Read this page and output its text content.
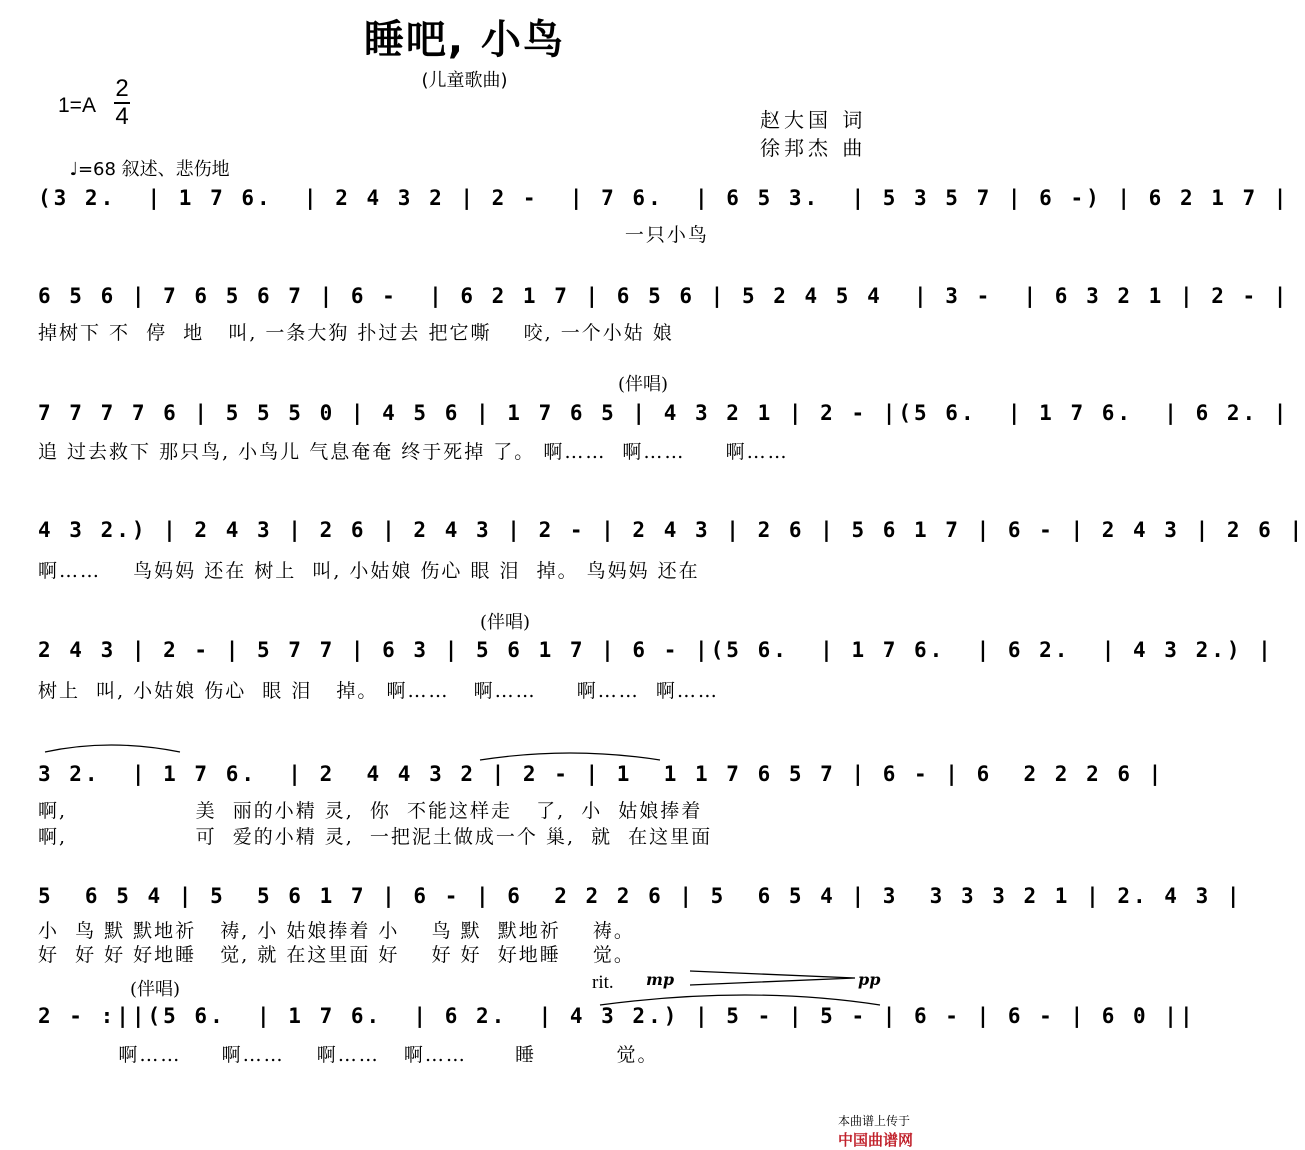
睡吧, 小鸟
(儿童歌曲)
1=A
2
4

♩=68 叙述、悲伤地

赵大国 词
徐邦杰 曲
(3 2.  | 1 7 6.  | 2 4 3 2 | 2 -  | 7 6.  | 6 5 3.  | 5 3 5 7 | 6 -) | 6 2 1 7 |
一只小鸟
6 5 6 | 7 6 5 6 7 | 6 -  | 6 2 1 7 | 6 5 6 | 5 2 4 5 4  | 3 -  | 6 3 2 1 | 2 - |
掉树下 不  停  地   叫, 一条大狗 扑过去 把它嘶    咬, 一个小姑 娘
(伴唱)
7 7 7 7 6 | 5 5 5 0 | 4 5 6 | 1 7 6 5 | 4 3 2 1 | 2 - |(5 6.  | 1 7 6.  | 6 2. |
追 过去救下 那只鸟, 小鸟儿 气息奄奄 终于死掉 了。 啊……  啊……     啊……
4 3 2.) | 2 4 3 | 2 6 | 2 4 3 | 2 - | 2 4 3 | 2 6 | 5 6 1 7 | 6 - | 2 4 3 | 2 6 |
啊……    鸟妈妈 还在 树上  叫, 小姑娘 伤心 眼 泪  掉。 鸟妈妈 还在
(伴唱)
2 4 3 | 2 - | 5 7 7 | 6 3 | 5 6 1 7 | 6 - |(5 6.  | 1 7 6.  | 6 2.  | 4 3 2.) |
树上  叫, 小姑娘 伤心  眼 泪   掉。 啊……   啊……     啊……  啊……
3 2.  | 1 7 6.  | 2  4 4 3 2 | 2 - | 1  1 1 7 6 5 7 | 6 - | 6  2 2 2 6 |
啊,                美  丽的小精 灵,  你  不能这样走   了,  小  姑娘捧着
啊,                可  爱的小精 灵,  一把泥土做成一个 巢,  就  在这里面
5  6 5 4 | 5  5 6 1 7 | 6 - | 6  2 2 2 6 | 5  6 5 4 | 3  3 3 3 2 1 | 2. 4 3 |
小  鸟 默 默地祈   祷, 小 姑娘捧着 小    鸟 默  默地祈    祷。
好  好 好 好地睡   觉, 就 在这里面 好    好 好  好地睡    觉。
(伴唱)	rit. mp	pp
2 - :||(5 6.  | 1 7 6.  | 6 2.  | 4 3 2.) | 5 - | 5 - | 6 - | 6 - | 6 0 ||
啊……     啊……    啊……   啊……      睡          觉。

本曲谱上传于
中国曲谱网
